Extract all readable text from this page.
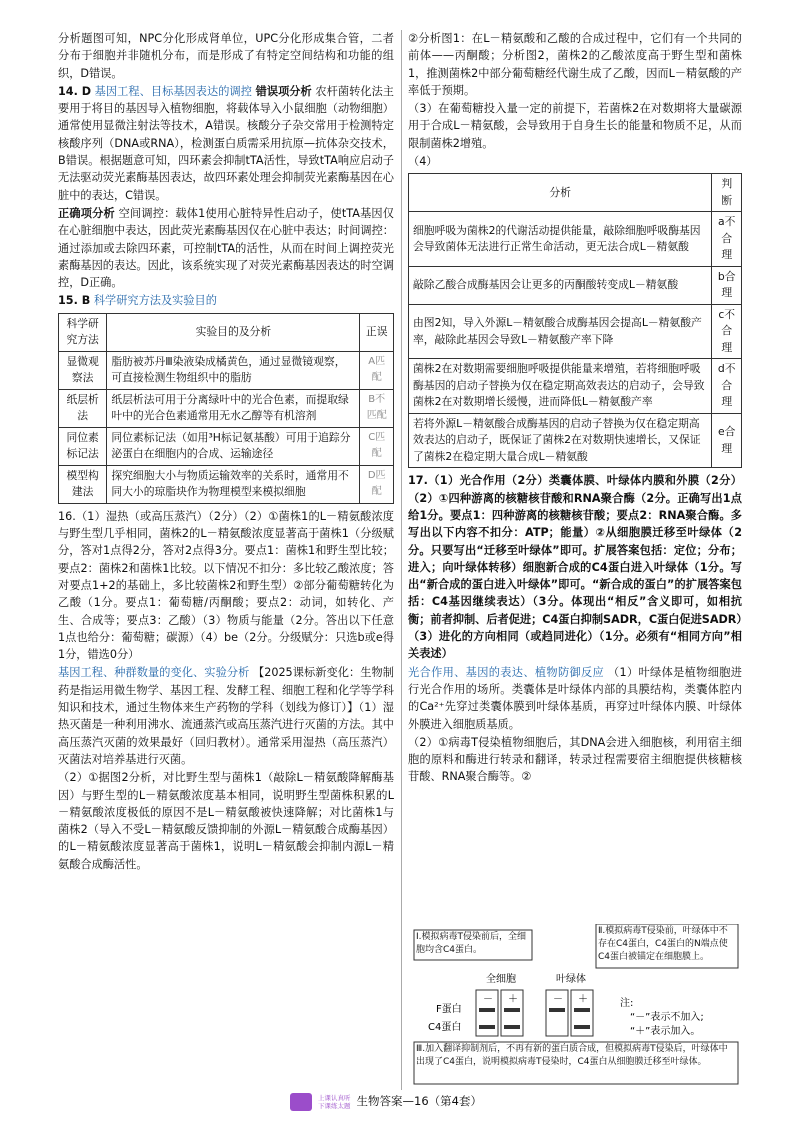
分析题图可知，NPC分化形成肾单位，UPC分化形成集合管，二者分布于细胞并非随机分布，而是形成了有特定空间结构和功能的组织，D错误。

14. D 基因工程、目标基因表达的调控 错误项分析 农杆菌转化法主要用于将目的基因导入植物细胞，将载体导入小鼠细胞（动物细胞）通常使用显微注射法等技术，A错误。核酸分子杂交常用于检测特定核酸序列（DNA或RNA），检测蛋白质需采用抗原—抗体杂交技术，B错误。根据题意可知，四环素会抑制tTA活性，导致tTA响应启动子无法驱动荧光素酶基因表达，故四环素处理会抑制荧光素酶基因在心脏中的表达，C错误。

正确项分析 空间调控：载体1使用心脏特异性启动子，使tTA基因仅在心脏细胞中表达，因此荧光素酶基因仅在心脏中表达；时间调控：通过添加或去除四环素，可控制tTA的活性，从而在时间上调控荧光素酶基因的表达。因此，该系统实现了对荧光素酶基因表达的时空调控，D正确。

15. B 科学研究方法及实验目的

科学研究方法	实验目的及分析	正误
显微观察法	脂肪被苏丹Ⅲ染液染成橘黄色，通过显微镜观察，可直接检测生物组织中的脂肪	A匹配
纸层析法	纸层析法可用于分离绿叶中的光合色素，而提取绿叶中的光合色素通常用无水乙醇等有机溶剂	B不匹配
同位素标记法	同位素标记法（如用³H标记氨基酸）可用于追踪分泌蛋白在细胞内的合成、运输途径	C匹配
模型构建法	探究细胞大小与物质运输效率的关系时，通常用不同大小的琼脂块作为物理模型来模拟细胞	D匹配

16.（1）湿热（或高压蒸汽）（2分）（2）①菌株1的L－精氨酸浓度与野生型几乎相同，菌株2的L－精氨酸浓度显著高于菌株1（分级赋分，答对1点得2分，答对2点得3分。要点1：菌株1和野生型比较；要点2：菌株2和菌株1比较。以下情况不扣分：多比较乙酸浓度；答对要点1+2的基础上，多比较菌株2和野生型）②部分葡萄糖转化为乙酸（1分。要点1：葡萄糖/丙酮酸；要点2：动词，如转化、产生、合成等；要点3：乙酸）（3）物质与能量（2分。答出以下任意1点也给分：葡萄糖；碳源）（4）be（2分。分级赋分：只选b或e得1分，错选0分）

基因工程、种群数量的变化、实验分析 【2025课标新变化：生物制药是指运用微生物学、基因工程、发酵工程、细胞工程和化学等学科知识和技术，通过生物体来生产药物的学科（划线为修订）】（1）湿热灭菌是一种利用沸水、流通蒸汽或高压蒸汽进行灭菌的方法。其中高压蒸汽灭菌的效果最好（回归教材）。通常采用湿热（高压蒸汽）灭菌法对培养基进行灭菌。

（2）①据图2分析，对比野生型与菌株1（敲除L－精氨酸降解酶基因）与野生型的L－精氨酸浓度基本相同，说明野生型菌株积累的L－精氨酸浓度极低的原因不是L－精氨酸被快速降解；对比菌株1与菌株2（导入不受L－精氨酸反馈抑制的外源L－精氨酸合成酶基因）的L－精氨酸浓度显著高于菌株1，说明L－精氨酸会抑制内源L－精氨酸合成酶活性。

②分析图1：在L－精氨酸和乙酸的合成过程中，它们有一个共同的前体——丙酮酸；分析图2，菌株2的乙酸浓度高于野生型和菌株1，推测菌株2中部分葡萄糖经代谢生成了乙酸，因而L－精氨酸的产率低于预期。

（3）在葡萄糖投入量一定的前提下，若菌株2在对数期将大量碳源用于合成L－精氨酸，会导致用于自身生长的能量和物质不足，从而限制菌株2增殖。

（4）

分析	判断
细胞呼吸为菌株2的代谢活动提供能量，敲除细胞呼吸酶基因会导致菌体无法进行正常生命活动，更无法合成L－精氨酸	a不合理
敲除乙酸合成酶基因会让更多的丙酮酸转变成L－精氨酸	b合理
由图2知，导入外源L－精氨酸合成酶基因会提高L－精氨酸产率，敲除此基因会导致L－精氨酸产率下降	c不合理
菌株2在对数期需要细胞呼吸提供能量来增殖，若将细胞呼吸酶基因的启动子替换为仅在稳定期高效表达的启动子，会导致菌株2在对数期增长缓慢，进而降低L－精氨酸产率	d不合理
若将外源L－精氨酸合成酶基因的启动子替换为仅在稳定期高效表达的启动子，既保证了菌株2在对数期快速增长，又保证了菌株2在稳定期大量合成L－精氨酸	e合理

17.（1）光合作用（2分）类囊体膜、叶绿体内膜和外膜（2分）（2）①四种游离的核糖核苷酸和RNA聚合酶（2分。正确写出1点给1分。要点1：四种游离的核糖核苷酸；要点2：RNA聚合酶。多写出以下内容不扣分：ATP；能量）②从细胞膜迁移至叶绿体（2分。只要写出“迁移至叶绿体”即可。扩展答案包括：定位；分布；进入；向叶绿体转移）细胞新合成的C4蛋白进入叶绿体（1分。写出“新合成的蛋白进入叶绿体”即可。“新合成的蛋白”的扩展答案包括：C4基因继续表达）（3分。体现出“相反”含义即可，如相抗衡；前者抑制、后者促进；C4蛋白抑制SADR，C蛋白促进SADR）（3）进化的方向相同（或趋同进化）（1分。必须有“相同方向”相关表述）

光合作用、基因的表达、植物防御反应 （1）叶绿体是植物细胞进行光合作用的场所。类囊体是叶绿体内部的具膜结构，类囊体腔内的Ca²⁺先穿过类囊体膜到叶绿体基质，再穿过叶绿体内膜、叶绿体外膜进入细胞质基质。

（2）①病毒T侵染植物细胞后，其DNA会进入细胞核，利用宿主细胞的原料和酶进行转录和翻译，转录过程需要宿主细胞提供核糖核苷酸、RNA聚合酶等。②

Ⅰ.模拟病毒T侵染前后，全细胞均含C4蛋白。
Ⅱ.模拟病毒T侵染前，叶绿体中不存在C4蛋白，C4蛋白的N端点使C4蛋白被锚定在细胞膜上。
全细胞	叶绿体
F蛋白
C4蛋白
－ ＋	－ ＋	注:
“－”表示不加入;
“＋”表示加入。
Ⅲ.加入翻译抑制剂后，不再有新的蛋白质合成，但模拟病毒T侵染后，叶绿体中出现了C4蛋白，说明模拟病毒T侵染时，C4蛋白从细胞膜迁移至叶绿体。
上课认真听
下课练太题 生物答案—16（第4套）
